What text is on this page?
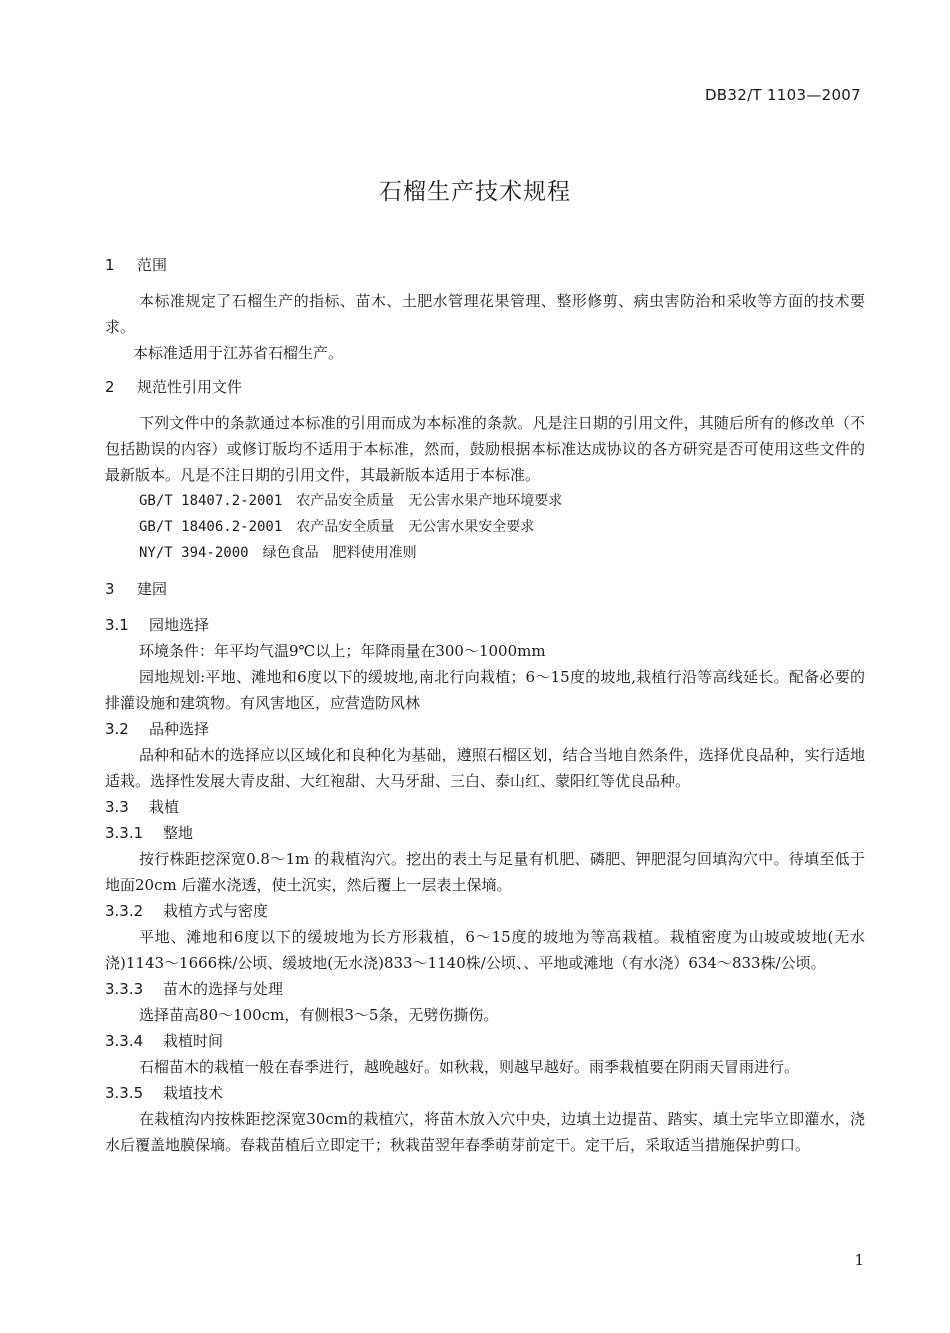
DB32/T 1103—2007
石榴生产技术规程
1 范围

本标准规定了石榴生产的指标、苗木、土肥水管理花果管理、整形修剪、病虫害防治和采收等方面的技术要求。

本标准适用于江苏省石榴生产。

2 规范性引用文件

下列文件中的条款通过本标准的引用而成为本标准的条款。凡是注日期的引用文件，其随后所有的修改单（不包括勘误的内容）或修订版均不适用于本标准，然而，鼓励根据本标准达成协议的各方研究是否可使用这些文件的最新版本。凡是不注日期的引用文件，其最新版本适用于本标准。

GB/T 18407.2-2001 农产品安全质量 无公害水果产地环境要求
GB/T 18406.2-2001 农产品安全质量 无公害水果安全要求
NY/T 394-2000 绿色食品 肥料使用准则
3 建园
3.1 园地选择

环境条件：年平均气温9℃以上；年降雨量在300～1000mm

园地规划:平地、滩地和6度以下的缓坡地,南北行向栽植；6～15度的坡地,栽植行沿等高线延长。配备必要的排灌设施和建筑物。有风害地区，应营造防风林

3.2 品种选择

品种和砧木的选择应以区域化和良种化为基础，遵照石榴区划，结合当地自然条件，选择优良品种，实行适地适栽。选择性发展大青皮甜、大红袍甜、大马牙甜、三白、泰山红、蒙阳红等优良品种。

3.3 栽植
3.3.1 整地

按行株距挖深宽0.8～1m 的栽植沟穴。挖出的表土与足量有机肥、磷肥、钾肥混匀回填沟穴中。待填至低于地面20cm 后灌水浇透，使土沉实，然后覆上一层表土保墒。

3.3.2 栽植方式与密度

平地、滩地和6度以下的缓坡地为长方形栽植，6～15度的坡地为等高栽植。栽植密度为山坡或坡地(无水浇)1143～1666株/公顷、缓坡地(无水浇)833～1140株/公顷、、平地或滩地（有水浇）634～833株/公顷。

3.3.3 苗木的选择与处理

选择苗高80～100cm，有侧根3～5条，无劈伤撕伤。

3.3.4 栽植时间

石榴苗木的栽植一般在春季进行，越晚越好。如秋栽，则越早越好。雨季栽植要在阴雨天冒雨进行。

3.3.5 栽埴技术

在栽植沟内按株距挖深宽30cm的栽植穴，将苗木放入穴中央，边填土边提苗、踏实、填土完毕立即灌水，浇水后覆盖地膜保墒。春栽苗植后立即定干；秋栽苗翌年春季萌芽前定干。定干后，采取适当措施保护剪口。

1
